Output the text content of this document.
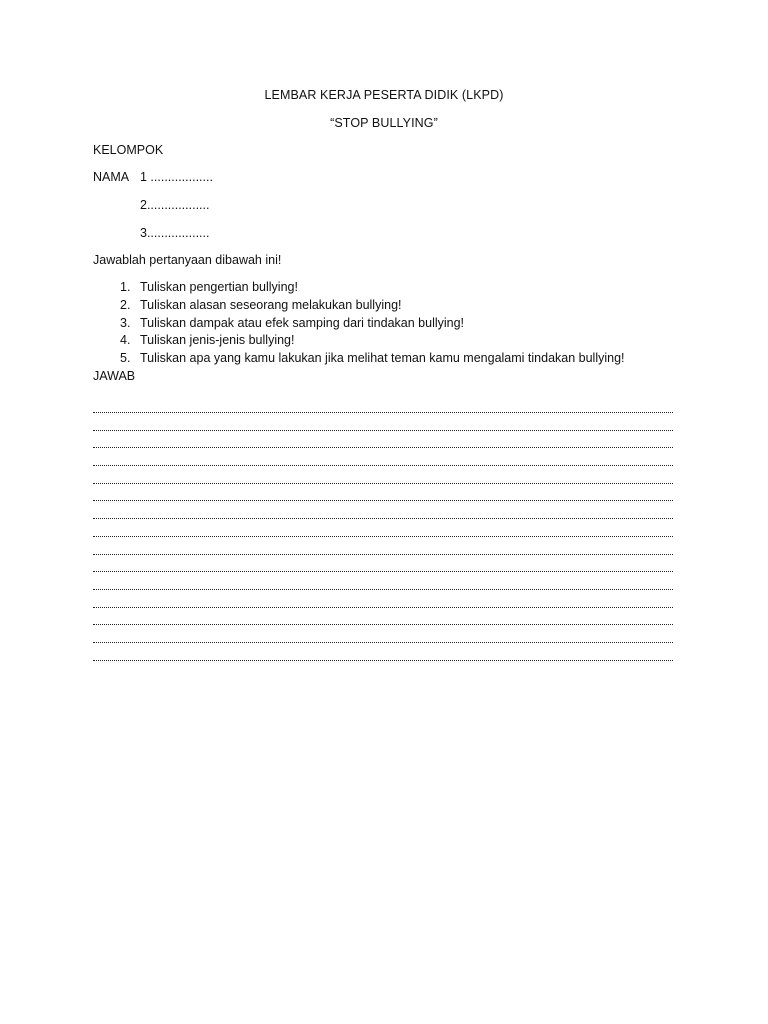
LEMBAR KERJA PESERTA DIDIK (LKPD)
“STOP BULLYING”
KELOMPOK
NAMA 1 ..................
2..................
3..................
Jawablah pertanyaan dibawah ini!
1. Tuliskan pengertian bullying!
2. Tuliskan alasan seseorang melakukan bullying!
3. Tuliskan dampak atau efek samping dari tindakan bullying!
4. Tuliskan jenis-jenis bullying!
5. Tuliskan apa yang kamu lakukan jika melihat teman kamu mengalami tindakan bullying!
JAWAB
